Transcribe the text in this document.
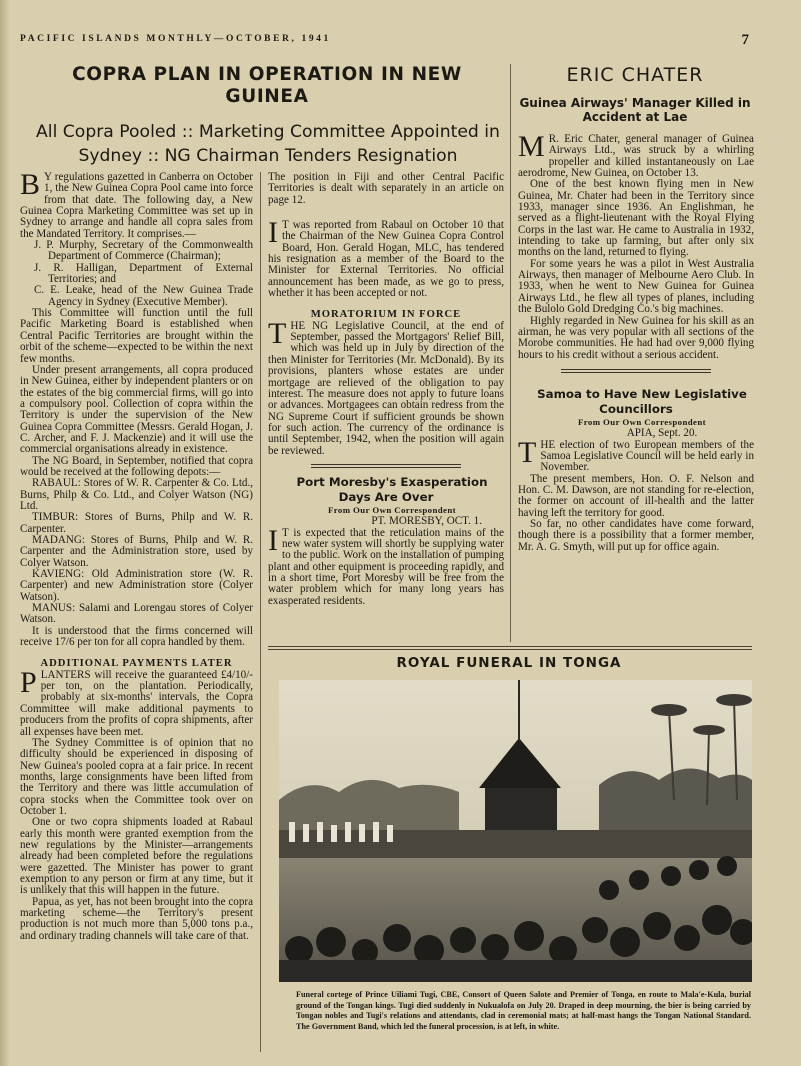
PACIFIC ISLANDS MONTHLY—OCTOBER, 1941	7
COPRA PLAN IN OPERATION IN NEW GUINEA
All Copra Pooled :: Marketing Committee Appointed in Sydney :: NG Chairman Tenders Resignation

B Y regulations gazetted in Canberra on October 1, the New Guinea Copra Pool came into force from that date. The following day, a New Guinea Copra Marketing Committee was set up in Sydney to arrange and handle all copra sales from the Mandated Territory. It comprises.—

J. P. Murphy, Secretary of the Commonwealth Department of Commerce (Chairman);

J. R. Halligan, Department of External Territories; and

C. E. Leake, head of the New Guinea Trade Agency in Sydney (Executive Member).

This Committee will function until the full Pacific Marketing Board is established when Central Pacific Territories are brought within the orbit of the scheme—expected to be within the next few months.

Under present arrangements, all copra produced in New Guinea, either by independent planters or on the estates of the big commercial firms, will go into a compulsory pool. Collection of copra within the Territory is under the supervision of the New Guinea Copra Committee (Messrs. Gerald Hogan, J. C. Archer, and F. J. Mackenzie) and it will use the commercial organisations already in existence.

The NG Board, in September, notified that copra would be received at the following depots:—

RABAUL: Stores of W. R. Carpenter & Co. Ltd., Burns, Philp & Co. Ltd., and Colyer Watson (NG) Ltd.

TIMBUR: Stores of Burns, Philp and W. R. Carpenter.

MADANG: Stores of Burns, Philp and W. R. Carpenter and the Administration store, used by Colyer Watson.

KAVIENG: Old Administration store (W. R. Carpenter) and new Administration store (Colyer Watson).

MANUS: Salami and Lorengau stores of Colyer Watson.

It is understood that the firms concerned will receive 17/6 per ton for all copra handled by them.

ADDITIONAL PAYMENTS LATER

PLANTERS will receive the guaranteed £4/10/- per ton, on the plantation. Periodically, probably at six-months' intervals, the Copra Committee will make additional payments to producers from the profits of copra shipments, after all expenses have been met.

The Sydney Committee is of opinion that no difficulty should be experienced in disposing of New Guinea's pooled copra at a fair price. In recent months, large consignments have been lifted from the Territory and there was little accumulation of copra stocks when the Committee took over on October 1.

One or two copra shipments loaded at Rabaul early this month were granted exemption from the new regulations by the Minister—arrangements already had been completed before the regulations were gazetted. The Minister has power to grant exemption to any person or firm at any time, but it is unlikely that this will happen in the future.

Papua, as yet, has not been brought into the copra marketing scheme—the Territory's present production is not much more than 5,000 tons p.a., and ordinary trading channels will take care of that.

The position in Fiji and other Central Pacific Territories is dealt with separately in an article on page 12.

I T was reported from Rabaul on October 10 that the Chairman of the New Guinea Copra Control Board, Hon. Gerald Hogan, MLC, has tendered his resignation as a member of the Board to the Minister for External Territories. No official announcement has been made, as we go to press, whether it has been accepted or not.

MORATORIUM IN FORCE

THE NG Legislative Council, at the end of September, passed the Mortgagors' Relief Bill, which was held up in July by direction of the then Minister for Territories (Mr. McDonald). By its provisions, planters whose estates are under mortgage are relieved of the obligation to pay interest. The measure does not apply to future loans or advances. Mortgagees can obtain redress from the NG Supreme Court if sufficient grounds be shown for such action. The currency of the ordinance is until September, 1942, when the position will again be reviewed.

Port Moresby's Exasperation Days Are Over

From Our Own Correspondent

PT. MORESBY, OCT. 1.

I T is expected that the reticulation mains of the new water system will shortly be supplying water to the public. Work on the installation of pumping plant and other equipment is proceeding rapidly, and in a short time, Port Moresby will be free from the water problem which for many long years has exasperated residents.

ERIC CHATER
Guinea Airways' Manager Killed in Accident at Lae

M R. Eric Chater, general manager of Guinea Airways Ltd., was struck by a whirling propeller and killed instantaneously on Lae aerodrome, New Guinea, on October 13.

One of the best known flying men in New Guinea, Mr. Chater had been in the Territory since 1933, manager since 1936. An Englishman, he served as a flight-lieutenant with the Royal Flying Corps in the last war. He came to Australia in 1932, intending to take up farming, but after only six months on the land, returned to flying.

For some years he was a pilot in West Australia Airways, then manager of Melbourne Aero Club. In 1933, when he went to New Guinea for Guinea Airways Ltd., he flew all types of planes, including the Bulolo Gold Dredging Co.'s big machines.

Highly regarded in New Guinea for his skill as an airman, he was very popular with all sections of the Morobe communities. He had had over 9,000 flying hours to his credit without a serious accident.

Samoa to Have New Legislative Councillors

From Our Own Correspondent

APIA, Sept. 20.

THE election of two European members of the Samoa Legislative Council will be held early in November.

The present members, Hon. O. F. Nelson and Hon. C. M. Dawson, are not standing for re-election, the former on account of ill-health and the latter having left the territory for good.

So far, no other candidates have come forward, though there is a possibility that a former member, Mr. A. G. Smyth, will put up for office again.

ROYAL FUNERAL IN TONGA
Funeral cortege of Prince Uiliami Tugi, CBE, Consort of Queen Salote and Premier of Tonga, en route to Mala'e-Kula, burial ground of the Tongan kings. Tugi died suddenly in Nukualofa on July 20. Draped in deep mourning, the bier is being carried by Tongan nobles and Tugi's relations and attendants, clad in ceremonial mats; at half-mast hangs the Tongan National Standard. The Government Band, which led the funeral procession, is at left, in white.
